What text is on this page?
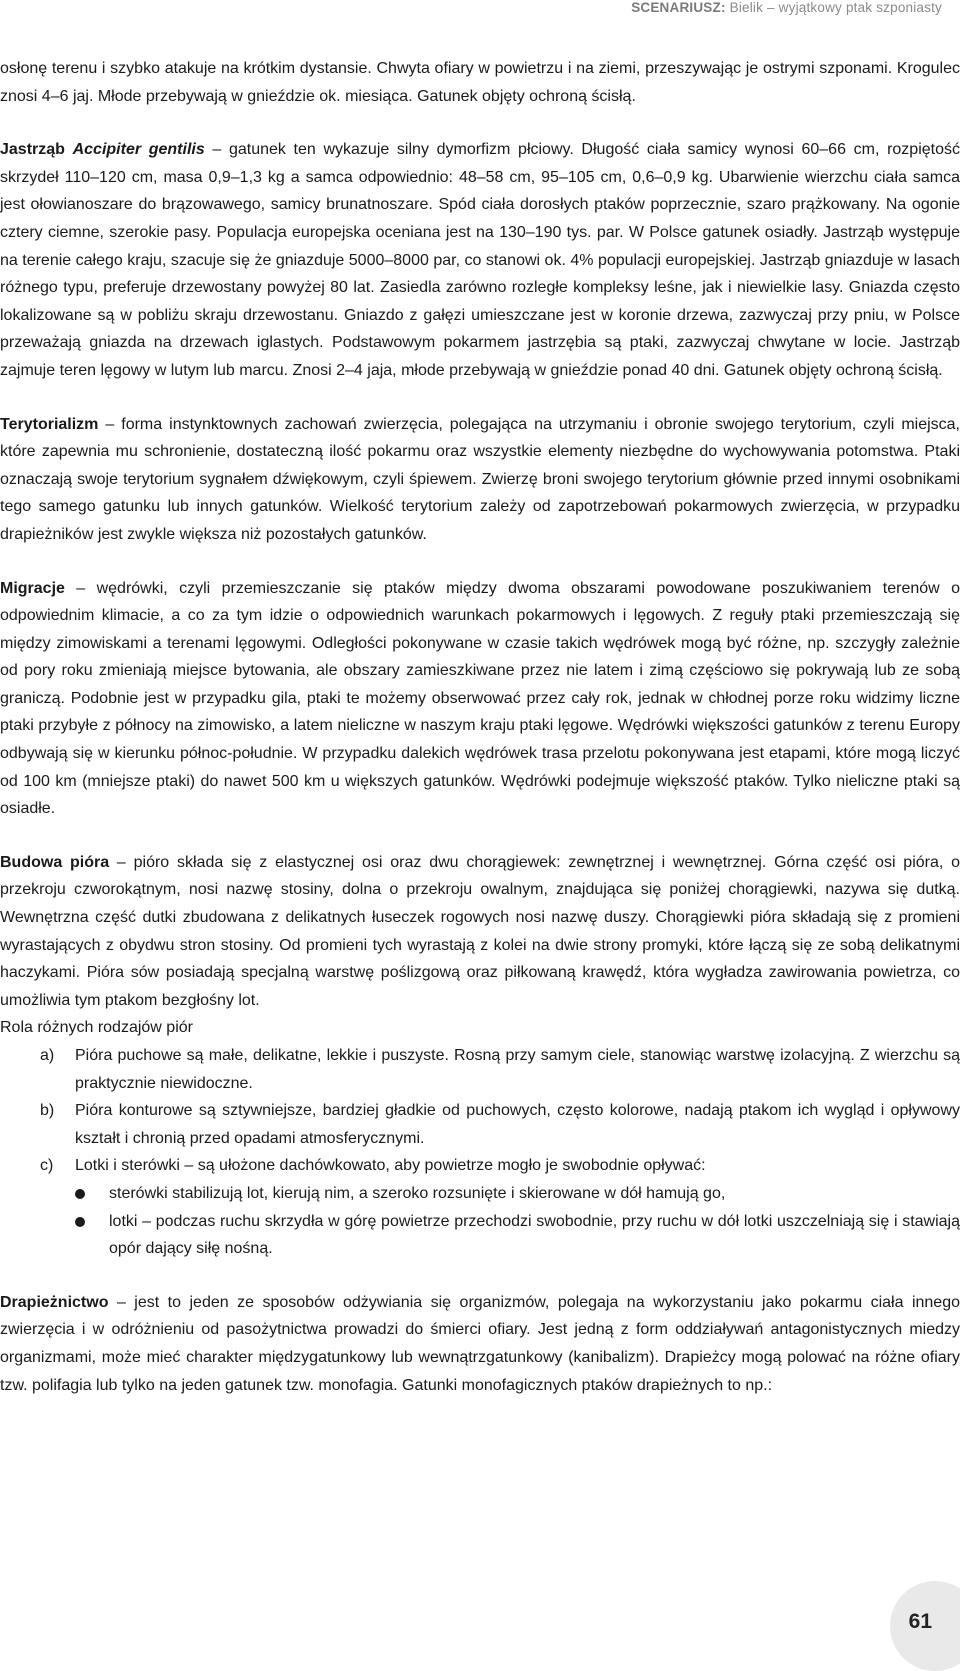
SCENARIUSZ: Bielik – wyjątkowy ptak szponiasty

osłonę terenu i szybko atakuje na krótkim dystansie. Chwyta ofiary w powietrzu i na ziemi, przeszywając je ostrymi szponami. Krogulec znosi 4–6 jaj. Młode przebywają w gnieździe ok. miesiąca. Gatunek objęty ochroną ścisłą.

Jastrząb Accipiter gentilis – gatunek ten wykazuje silny dymorfizm płciowy. Długość ciała samicy wynosi 60–66 cm, rozpiętość skrzydeł 110–120 cm, masa 0,9–1,3 kg a samca odpowiednio: 48–58 cm, 95–105 cm, 0,6–0,9 kg. Ubarwienie wierzchu ciała samca jest ołowianoszare do brązowawego, samicy brunatnoszare. Spód ciała dorosłych ptaków poprzecznie, szaro prążkowany. Na ogonie cztery ciemne, szerokie pasy. Populacja europejska oceniana jest na 130–190 tys. par. W Polsce gatunek osiadły. Jastrząb występuje na terenie całego kraju, szacuje się że gniazduje 5000–8000 par, co stanowi ok. 4% populacji europejskiej. Jastrząb gniazduje w lasach różnego typu, preferuje drzewostany powyżej 80 lat. Zasiedla zarówno rozległe kompleksy leśne, jak i niewielkie lasy. Gniazda często lokalizowane są w pobliżu skraju drzewostanu. Gniazdo z gałęzi umieszczane jest w koronie drzewa, zazwyczaj przy pniu, w Polsce przeważają gniazda na drzewach iglastych. Podstawowym pokarmem jastrzębia są ptaki, zazwyczaj chwytane w locie. Jastrząb zajmuje teren lęgowy w lutym lub marcu. Znosi 2–4 jaja, młode przebywają w gnieździe ponad 40 dni. Gatunek objęty ochroną ścisłą.

Terytorializm – forma instynktownych zachowań zwierzęcia, polegająca na utrzymaniu i obronie swojego terytorium, czyli miejsca, które zapewnia mu schronienie, dostateczną ilość pokarmu oraz wszystkie elementy niezbędne do wychowywania potomstwa. Ptaki oznaczają swoje terytorium sygnałem dźwiękowym, czyli śpiewem. Zwierzę broni swojego terytorium głównie przed innymi osobnikami tego samego gatunku lub innych gatunków. Wielkość terytorium zależy od zapotrzebowań pokarmowych zwierzęcia, w przypadku drapieżników jest zwykle większa niż pozostałych gatunków.

Migracje – wędrówki, czyli przemieszczanie się ptaków między dwoma obszarami powodowane poszukiwaniem terenów o odpowiednim klimacie, a co za tym idzie o odpowiednich warunkach pokarmowych i lęgowych. Z reguły ptaki przemieszczają się między zimowiskami a terenami lęgowymi. Odległości pokonywane w czasie takich wędrówek mogą być różne, np. szczygły zależnie od pory roku zmieniają miejsce bytowania, ale obszary zamieszkiwane przez nie latem i zimą częściowo się pokrywają lub ze sobą graniczą. Podobnie jest w przypadku gila, ptaki te możemy obserwować przez cały rok, jednak w chłodnej porze roku widzimy liczne ptaki przybyłe z północy na zimowisko, a latem nieliczne w naszym kraju ptaki lęgowe. Wędrówki większości gatunków z terenu Europy odbywają się w kierunku północ-południe. W przypadku dalekich wędrówek trasa przelotu pokonywana jest etapami, które mogą liczyć od 100 km (mniejsze ptaki) do nawet 500 km u większych gatunków. Wędrówki podejmuje większość ptaków. Tylko nieliczne ptaki są osiadłe.

Budowa pióra – pióro składa się z elastycznej osi oraz dwu chorągiewek: zewnętrznej i wewnętrznej. Górna część osi pióra, o przekroju czworokątnym, nosi nazwę stosiny, dolna o przekroju owalnym, znajdująca się poniżej chorągiewki, nazywa się dutką. Wewnętrzna część dutki zbudowana z delikatnych łuseczek rogowych nosi nazwę duszy. Chorągiewki pióra składają się z promieni wyrastających z obydwu stron stosiny. Od promieni tych wyrastają z kolei na dwie strony promyki, które łączą się ze sobą delikatnymi haczykami. Pióra sów posiadają specjalną warstwę poślizgową oraz piłkowaną krawędź, która wygładza zawirowania powietrza, co umożliwia tym ptakom bezgłośny lot.
Rola różnych rodzajów piór
a) Pióra puchowe są małe, delikatne, lekkie i puszyste. Rosną przy samym ciele, stanowiąc warstwę izolacyjną. Z wierzchu są praktycznie niewidoczne.
b) Pióra konturowe są sztywniejsze, bardziej gładkie od puchowych, często kolorowe, nadają ptakom ich wygląd i opływowy kształt i chronią przed opadami atmosferycznymi.
c) Lotki i sterówki – są ułożone dachówkowato, aby powietrze mogło je swobodnie opływać:
sterówki stabilizują lot, kierują nim, a szeroko rozsunięte i skierowane w dół hamują go,
lotki – podczas ruchu skrzydła w górę powietrze przechodzi swobodnie, przy ruchu w dół lotki uszczelniają się i stawiają opór dający siłę nośną.

Drapieżnictwo – jest to jeden ze sposobów odżywiania się organizmów, polegaja na wykorzystaniu jako pokarmu ciała innego zwierzęcia i w odróżnieniu od pasożytnictwa prowadzi do śmierci ofiary. Jest jedną z form oddziaływań antagonistycznych miedzy organizmami, może mieć charakter międzygatunkowy lub wewnątrzgatunkowy (kanibalizm). Drapieżcy mogą polować na różne ofiary tzw. polifagia lub tylko na jeden gatunek tzw. monofagia. Gatunki monofagicznych ptaków drapieżnych to np.:

61
